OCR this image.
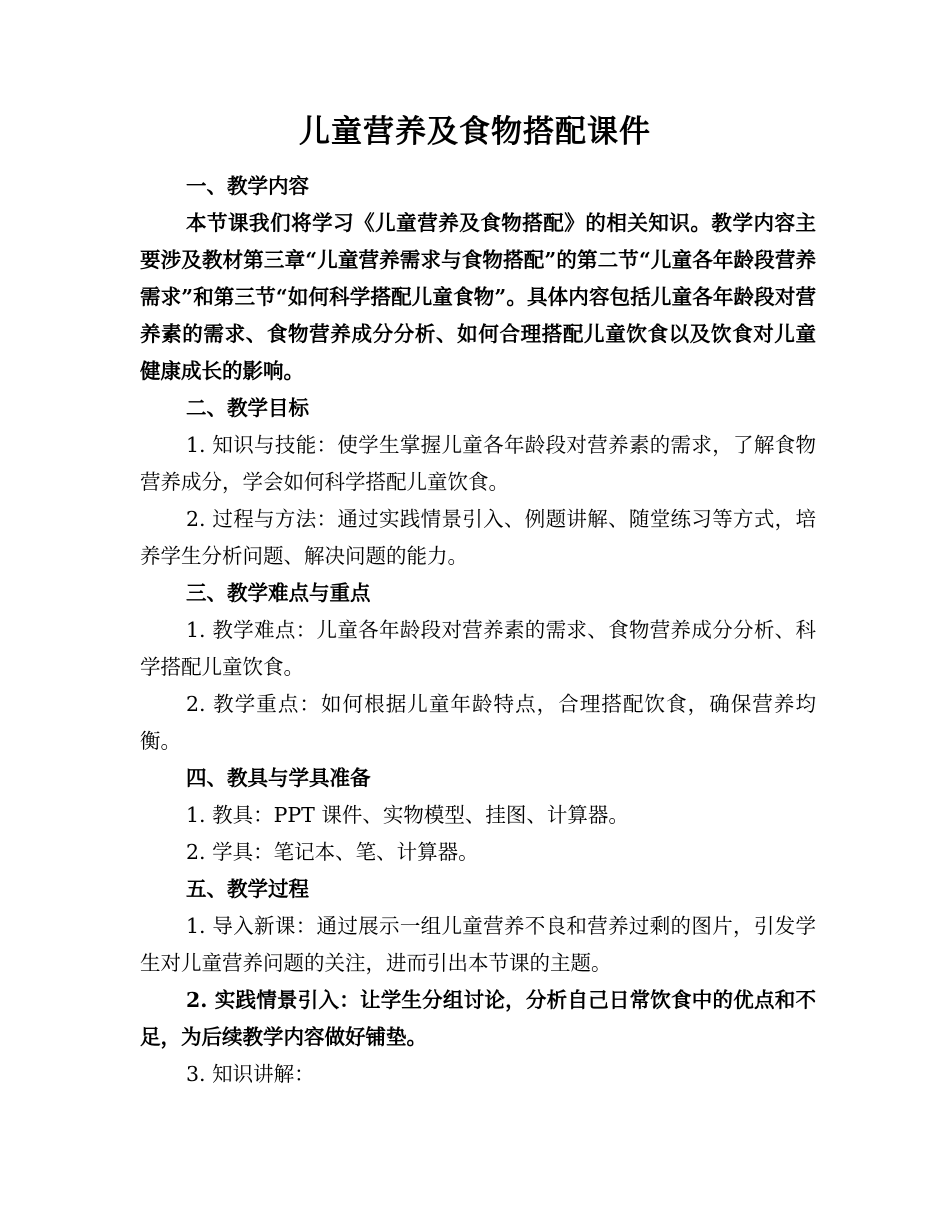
儿童营养及食物搭配课件

一、教学内容

本节课我们将学习《儿童营养及食物搭配》的相关知识。教学内容主要涉及教材第三章“儿童营养需求与食物搭配”的第二节“儿童各年龄段营养需求”和第三节“如何科学搭配儿童食物”。具体内容包括儿童各年龄段对营养素的需求、食物营养成分分析、如何合理搭配儿童饮食以及饮食对儿童健康成长的影响。

二、教学目标

1. 知识与技能：使学生掌握儿童各年龄段对营养素的需求，了解食物营养成分，学会如何科学搭配儿童饮食。

2. 过程与方法：通过实践情景引入、例题讲解、随堂练习等方式，培养学生分析问题、解决问题的能力。

三、教学难点与重点

1. 教学难点：儿童各年龄段对营养素的需求、食物营养成分分析、科学搭配儿童饮食。

2. 教学重点：如何根据儿童年龄特点，合理搭配饮食，确保营养均衡。

四、教具与学具准备

1. 教具：PPT 课件、实物模型、挂图、计算器。

2. 学具：笔记本、笔、计算器。

五、教学过程

1. 导入新课：通过展示一组儿童营养不良和营养过剩的图片，引发学生对儿童营养问题的关注，进而引出本节课的主题。

2. 实践情景引入：让学生分组讨论，分析自己日常饮食中的优点和不足，为后续教学内容做好铺垫。

3. 知识讲解：
